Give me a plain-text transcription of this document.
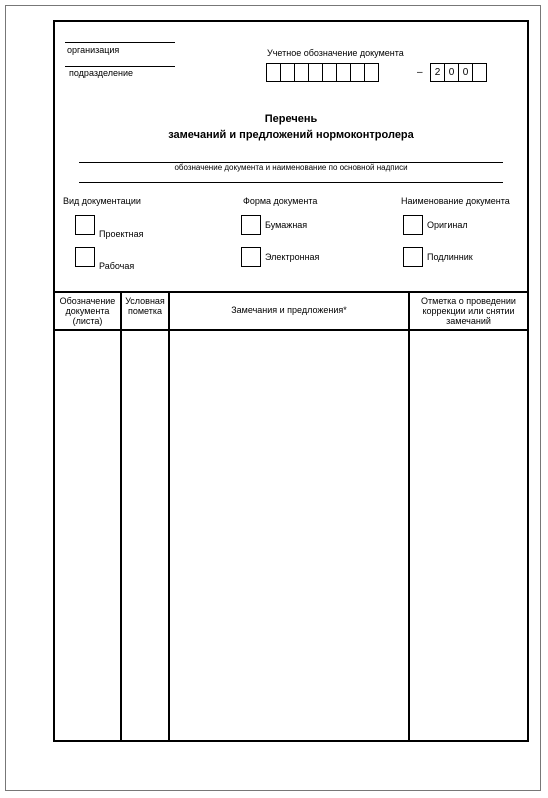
организация
подразделение
Учетное обозначение документа
–	2 0 0
Перечень
замечаний и предложений нормоконтролера
обозначение документа и наименование по основной надписи
Вид документации
Проектная
Рабочая
Форма документа
Бумажная
Электронная
Наименование документа
Оригинал
Подлинник
Обозначение документа (листа)
Условная пометка	Замечания и предложения*
Отметка о проведении коррекции или снятии замечаний
